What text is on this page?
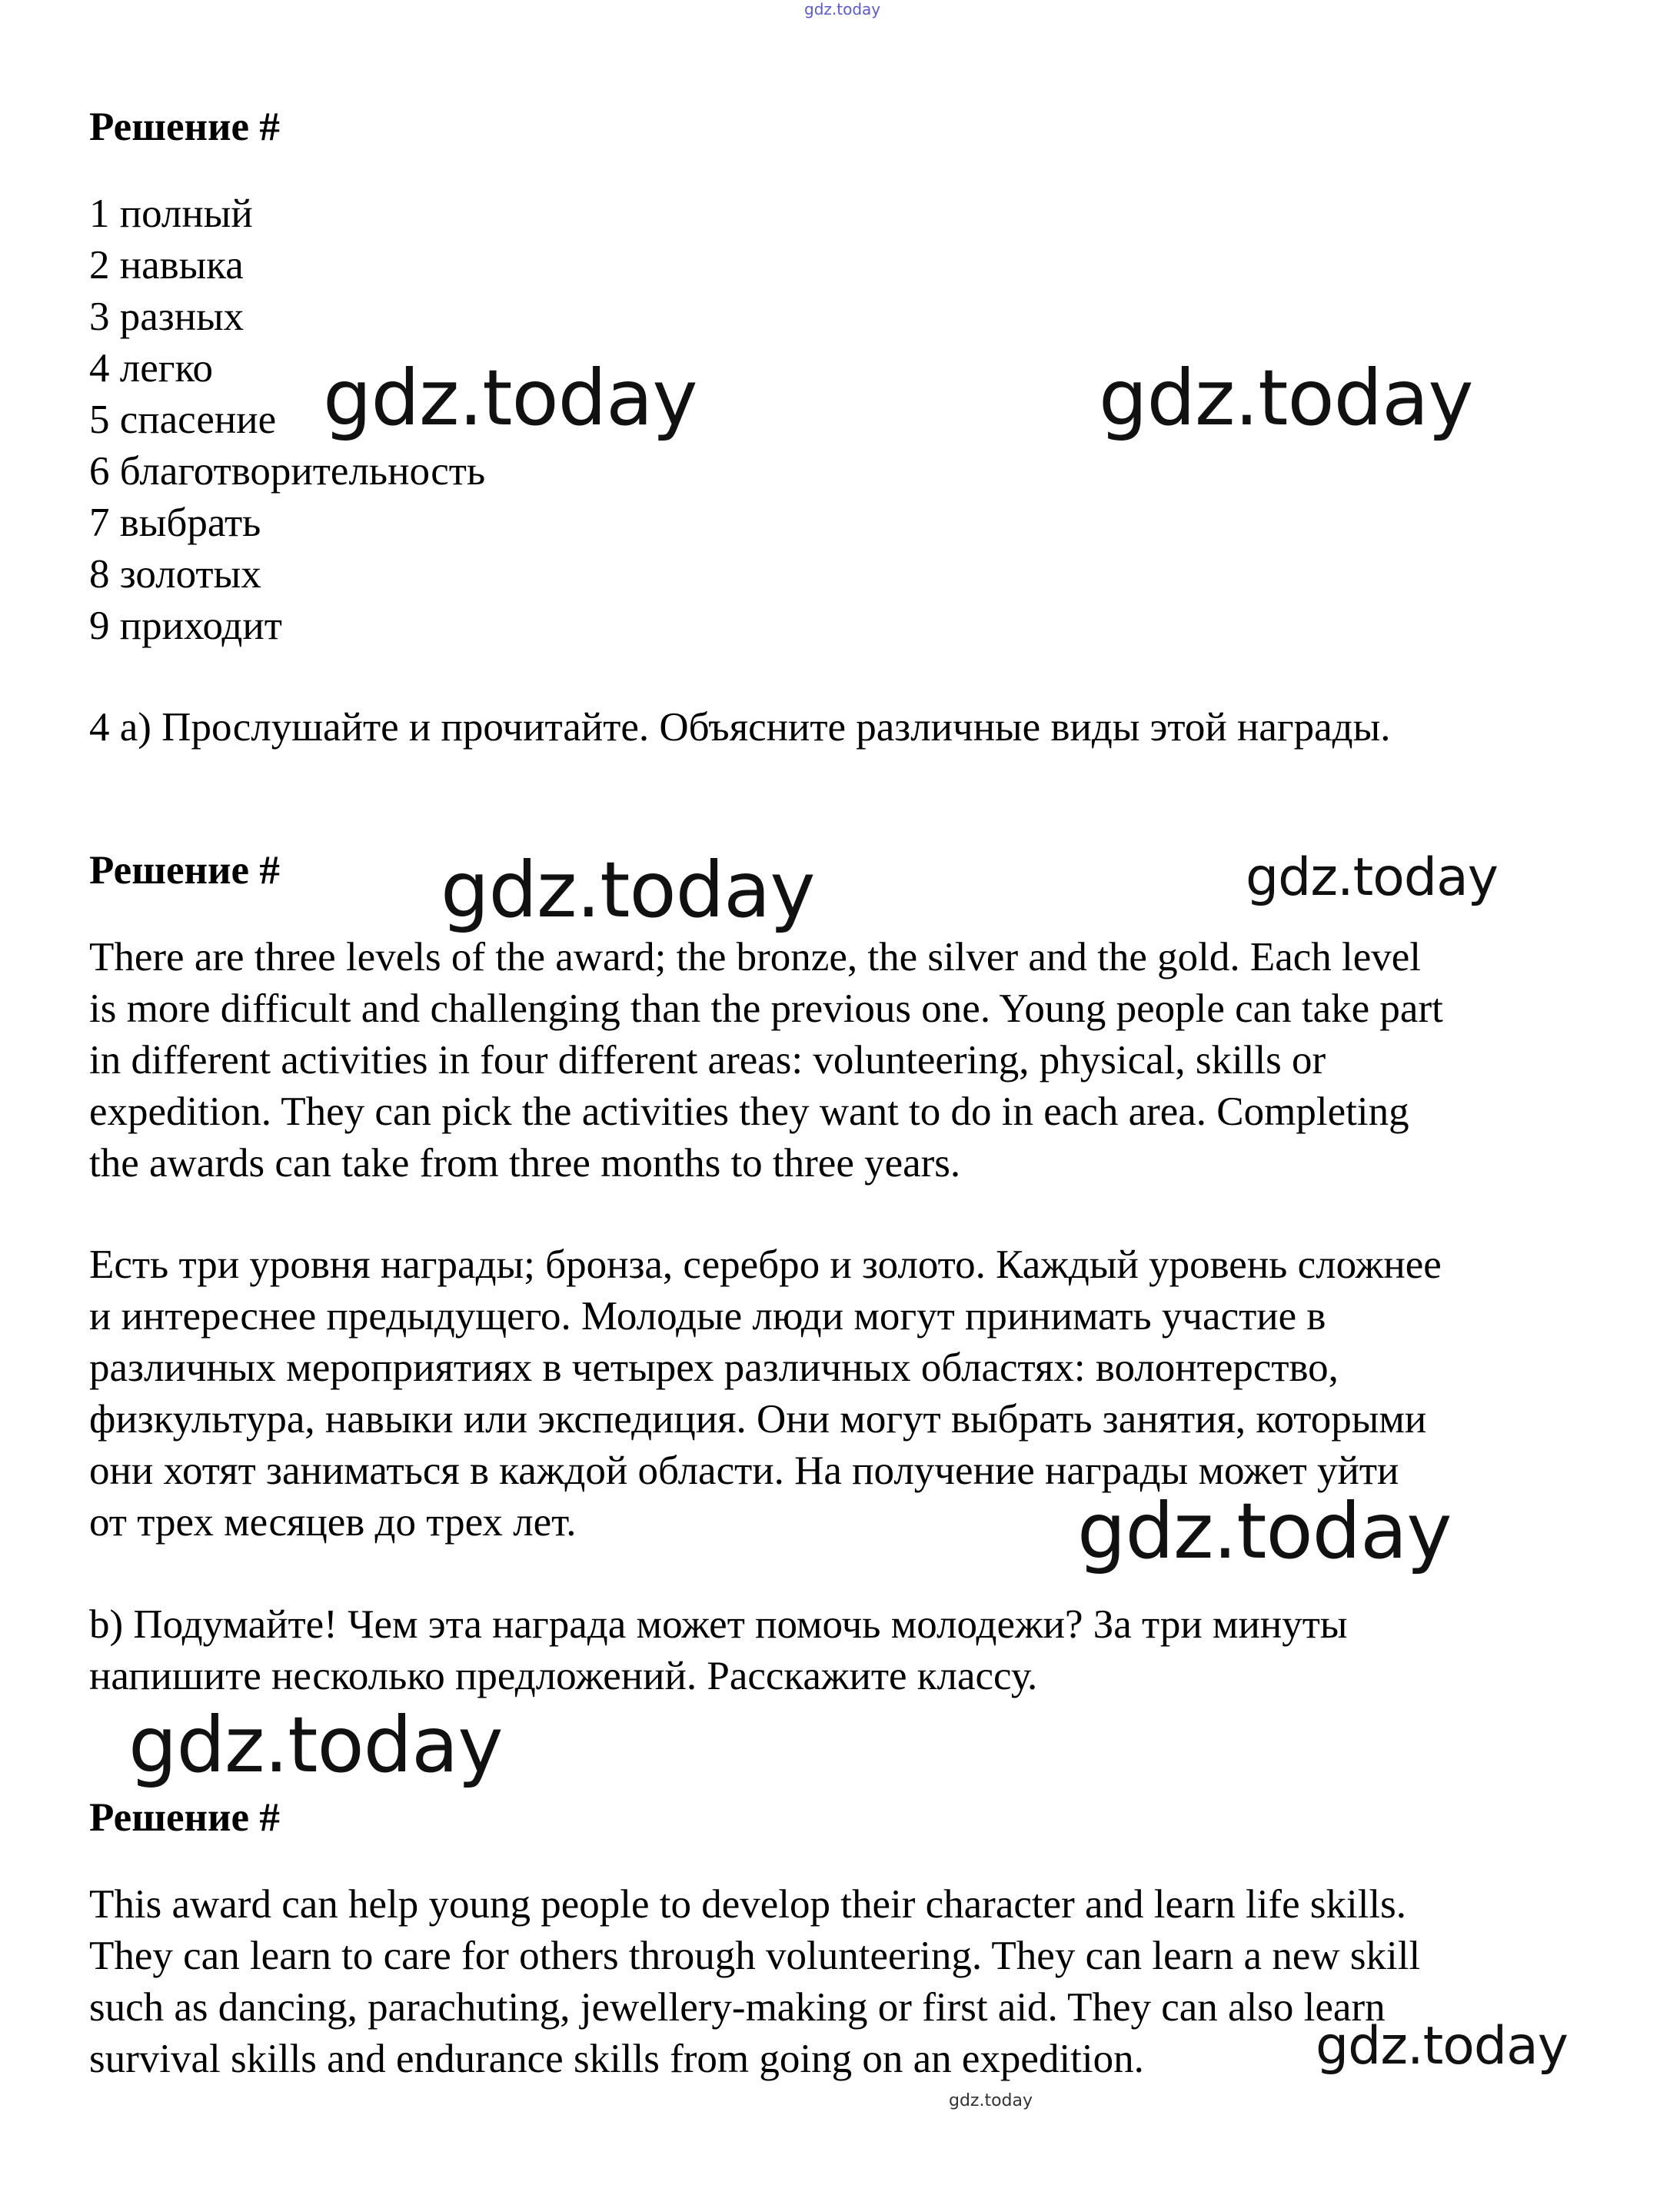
gdz.today
gdz.today	gdz.today
gdz.today	gdz.today
gdz.today
gdz.today
gdz.today
gdz.today
Решение #
1 полный
2 навыка
3 разных
4 легко
5 спасение
6 благотворительность
7 выбрать
8 золотых
9 приходит
4 a) Прослушайте и прочитайте. Объясните различные виды этой награды.
Решение #
There are three levels of the award; the bronze, the silver and the gold. Each level
is more difficult and challenging than the previous one. Young people can take part
in different activities in four different areas: volunteering, physical, skills or
expedition. They can pick the activities they want to do in each area. Completing
the awards can take from three months to three years.
Есть три уровня награды; бронза, серебро и золото. Каждый уровень сложнее
и интереснее предыдущего. Молодые люди могут принимать участие в
различных мероприятиях в четырех различных областях: волонтерство,
физкультура, навыки или экспедиция. Они могут выбрать занятия, которыми
они хотят заниматься в каждой области. На получение награды может уйти
от трех месяцев до трех лет.
b) Подумайте! Чем эта награда может помочь молодежи? За три минуты
напишите несколько предложений. Расскажите классу.
Решение #
This award can help young people to develop their character and learn life skills.
They can learn to care for others through volunteering. They can learn a new skill
such as dancing, parachuting, jewellery-making or first aid. They can also learn
survival skills and endurance skills from going on an expedition.
